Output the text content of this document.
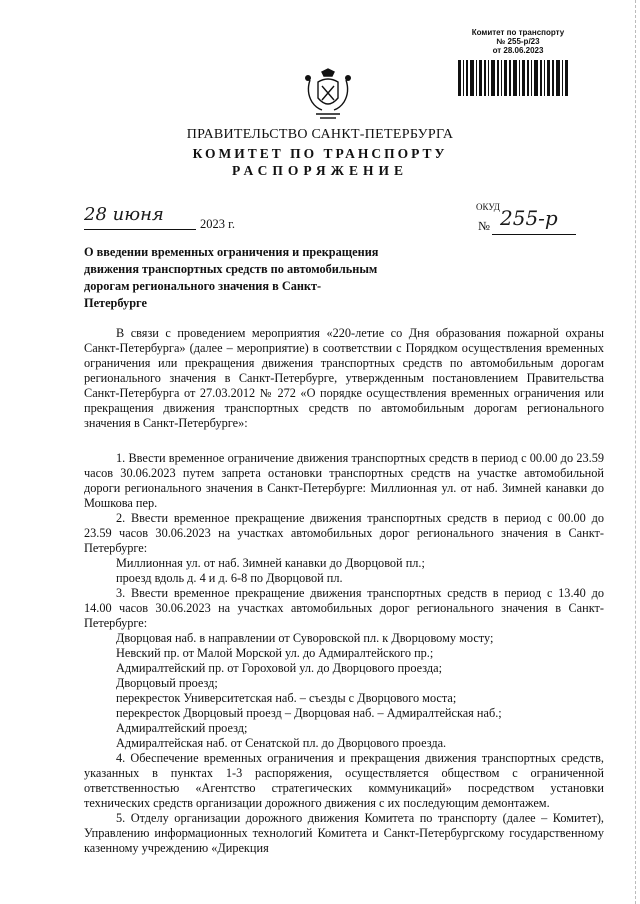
Комитет по транспорту
№ 255-р/23
от 28.06.2023
ПРАВИТЕЛЬСТВО САНКТ-ПЕТЕРБУРГА
КОМИТЕТ ПО ТРАНСПОРТУ
РАСПОРЯЖЕНИЕ
ОКУД
28 июня	2023 г.	№ 255-р
О введении временных ограничения и прекращения движения транспортных средств по автомобильным дорогам регионального значения в Санкт-Петербурге

В связи с проведением мероприятия «220-летие со Дня образования пожарной охраны Санкт-Петербурга» (далее – мероприятие) в соответствии с Порядком осуществления временных ограничения или прекращения движения транспортных средств по автомобильным дорогам регионального значения в Санкт-Петербурге, утвержденным постановлением Правительства Санкт-Петербурга от 27.03.2012 № 272 «О порядке осуществления временных ограничения или прекращения движения транспортных средств по автомобильным дорогам регионального значения в Санкт-Петербурге»:

1. Ввести временное ограничение движения транспортных средств в период с 00.00 до 23.59 часов 30.06.2023 путем запрета остановки транспортных средств на участке автомобильной дороги регионального значения в Санкт-Петербурге: Миллионная ул. от наб. Зимней канавки до Мошкова пер.

2. Ввести временное прекращение движения транспортных средств в период с 00.00 до 23.59 часов 30.06.2023 на участках автомобильных дорог регионального значения в Санкт-Петербурге:

Миллионная ул. от наб. Зимней канавки до Дворцовой пл.;

проезд вдоль д. 4 и д. 6-8 по Дворцовой пл.

3. Ввести временное прекращение движения транспортных средств в период с 13.40 до 14.00 часов 30.06.2023 на участках автомобильных дорог регионального значения в Санкт-Петербурге:

Дворцовая наб. в направлении от Суворовской пл. к Дворцовому мосту;

Невский пр. от Малой Морской ул. до Адмиралтейского пр.;

Адмиралтейский пр. от Гороховой ул. до Дворцового проезда;

Дворцовый проезд;

перекресток Университетская наб. – съезды с Дворцового моста;

перекресток Дворцовый проезд – Дворцовая наб. – Адмиралтейская наб.;

Адмиралтейский проезд;

Адмиралтейская наб. от Сенатской пл. до Дворцового проезда.

4. Обеспечение временных ограничения и прекращения движения транспортных средств, указанных в пунктах 1-3 распоряжения, осуществляется обществом с ограниченной ответственностью «Агентство стратегических коммуникаций» посредством установки технических средств организации дорожного движения с их последующим демонтажем.

5. Отделу организации дорожного движения Комитета по транспорту (далее – Комитет), Управлению информационных технологий Комитета и Санкт-Петербургскому государственному казенному учреждению «Дирекция
